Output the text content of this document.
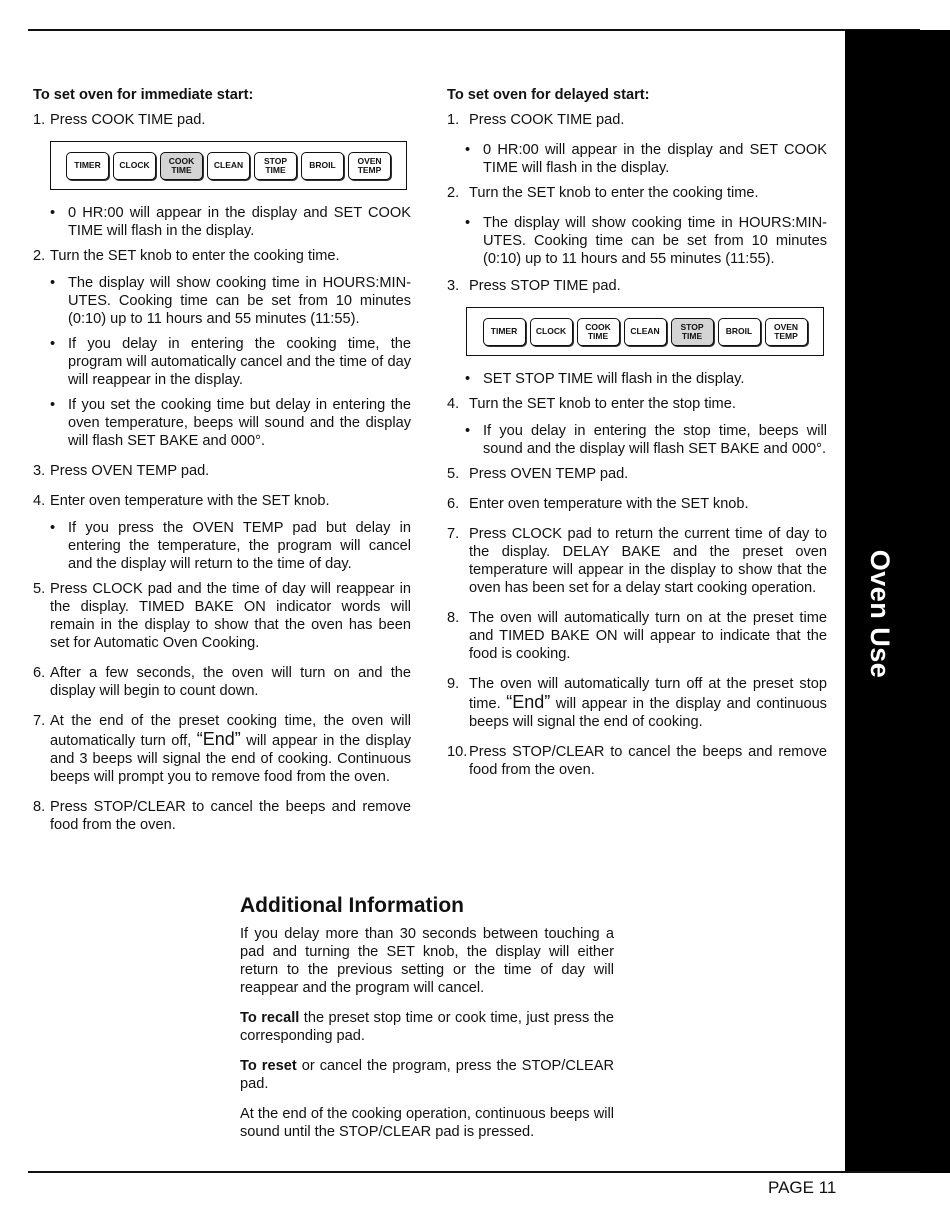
Oven Use
To set oven for immediate start:
1. Press COOK TIME pad.
TIMER CLOCK COOK
TIME	CLEAN STOP
TIME	BROIL	OVEN
TEMP
• 0 HR:00 will appear in the display and SET COOK TIME will flash in the display.
2. Turn the SET knob to enter the cooking time.
• The display will show cooking time in HOURS:MIN-UTES. Cooking time can be set from 10 minutes (0:10) up to 11 hours and 55 minutes (11:55).
• If you delay in entering the cooking time, the program will automatically cancel and the time of day will reappear in the display.
• If you set the cooking time but delay in entering the oven temperature, beeps will sound and the display will flash SET BAKE and 000°.
3. Press OVEN TEMP pad.
4. Enter oven temperature with the SET knob.
• If you press the OVEN TEMP pad but delay in entering the temperature, the program will cancel and the display will return to the time of day.
5. Press CLOCK pad and the time of day will reappear in the display. TIMED BAKE ON indicator words will remain in the display to show that the oven has been set for Automatic Oven Cooking.
6. After a few seconds, the oven will turn on and the display will begin to count down.
7. At the end of the preset cooking time, the oven will automatically turn off, “End” will appear in the display and 3 beeps will signal the end of cooking. Continuous beeps will prompt you to remove food from the oven.
8. Press STOP/CLEAR to cancel the beeps and remove food from the oven.
To set oven for delayed start:
1. Press COOK TIME pad.
• 0 HR:00 will appear in the display and SET COOK TIME will flash in the display.
2. Turn the SET knob to enter the cooking time.
• The display will show cooking time in HOURS:MIN-UTES. Cooking time can be set from 10 minutes (0:10) up to 11 hours and 55 minutes (11:55).
3. Press STOP TIME pad.
TIMER CLOCK COOK
TIME	CLEAN STOP
TIME	BROIL	OVEN
TEMP
• SET STOP TIME will flash in the display.
4. Turn the SET knob to enter the stop time.
• If you delay in entering the stop time, beeps will sound and the display will flash SET BAKE and 000°.
5. Press OVEN TEMP pad.
6. Enter oven temperature with the SET knob.
7. Press CLOCK pad to return the current time of day to the display. DELAY BAKE and the preset oven temperature will appear in the display to show that the oven has been set for a delay start cooking operation.
8. The oven will automatically turn on at the preset time and TIMED BAKE ON will appear to indicate that the food is cooking.
9. The oven will automatically turn off at the preset stop time. “End” will appear in the display and continuous beeps will signal the end of cooking.
10. Press STOP/CLEAR to cancel the beeps and remove food from the oven.
Additional Information

If you delay more than 30 seconds between touching a pad and turning the SET knob, the display will either return to the previous setting or the time of day will reappear and the program will cancel.

To recall the preset stop time or cook time, just press the corresponding pad.

To reset or cancel the program, press the STOP/CLEAR pad.

At the end of the cooking operation, continuous beeps will sound until the STOP/CLEAR pad is pressed.

PAGE 11
